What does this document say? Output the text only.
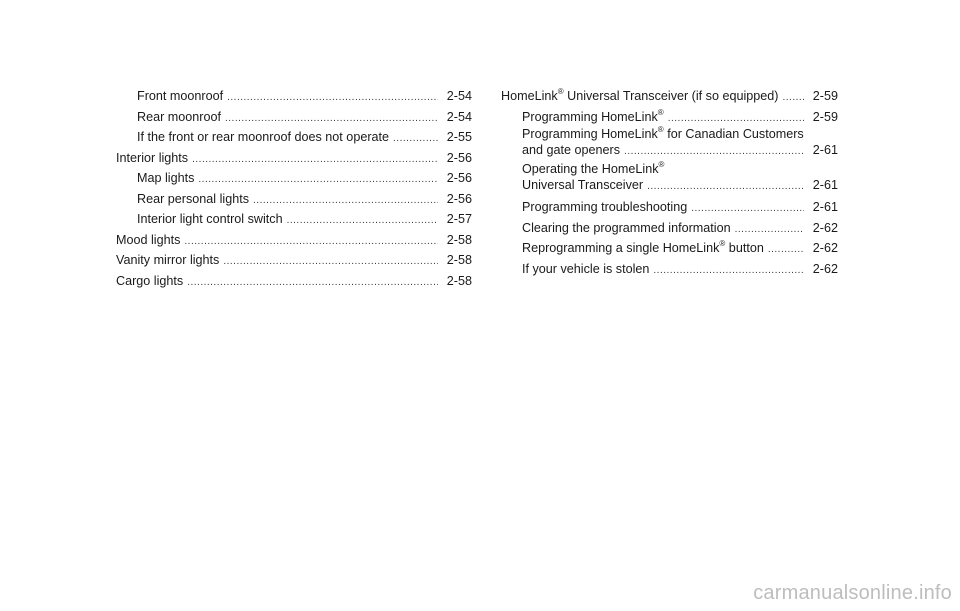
Front moonroof .....	2-54
Rear moonroof .....	2-54
If the front or rear moonroof does not operate .....	2-55
Interior lights .....	2-56
Map lights .....	2-56
Rear personal lights .....	2-56
Interior light control switch .....	2-57
Mood lights .....	2-58
Vanity mirror lights .....	2-58
Cargo lights .....	2-58
HomeLink® Universal Transceiver (if so equipped) .....	2-59
Programming HomeLink® .....	2-59
Programming HomeLink® for Canadian Customers
and gate openers .....	2-61
Operating the HomeLink®
Universal Transceiver .....	2-61
Programming troubleshooting .....	2-61
Clearing the programmed information .....	2-62
Reprogramming a single HomeLink® button .....	2-62
If your vehicle is stolen .....	2-62
carmanualsonline.info
